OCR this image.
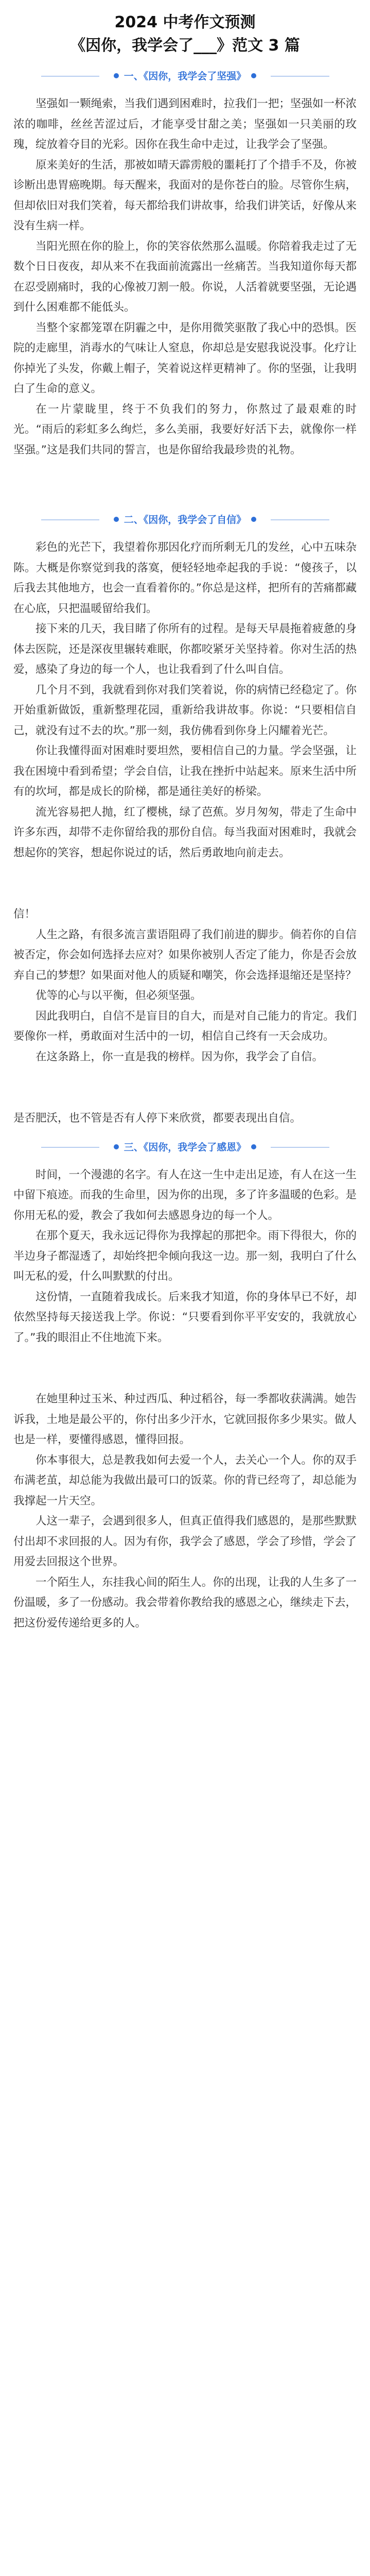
2024 中考作文预测
《因你，我学会了___》范文 3 篇
一、《因你，我学会了坚强》

坚强如一颗绳索，当我们遇到困难时，拉我们一把；坚强如一杯浓浓的咖啡，丝丝苦涩过后，才能享受甘甜之美；坚强如一只美丽的玫瑰，绽放着夺目的光彩。因你在我生命中走过，让我学会了坚强。

原来美好的生活，那被如晴天霹雳般的噩耗打了个措手不及，你被诊断出患胃癌晚期。每天醒来，我面对的是你苍白的脸。尽管你生病，但却依旧对我们笑着，每天都给我们讲故事，给我们讲笑话，好像从来没有生病一样。

当阳光照在你的脸上，你的笑容依然那么温暖。你陪着我走过了无数个日日夜夜，却从来不在我面前流露出一丝痛苦。当我知道你每天都在忍受剧痛时，我的心像被刀割一般。你说，人活着就要坚强，无论遇到什么困难都不能低头。

当整个家都笼罩在阴霾之中，是你用微笑驱散了我心中的恐惧。医院的走廊里，消毒水的气味让人窒息，你却总是安慰我说没事。化疗让你掉光了头发，你戴上帽子，笑着说这样更精神了。你的坚强，让我明白了生命的意义。

在一片蒙眬里，终于不负我们的努力，你熬过了最艰难的时光。“雨后的彩虹多么绚烂，多么美丽，我要好好活下去，就像你一样坚强。”这是我们共同的誓言，也是你留给我最珍贵的礼物。

二、《因你，我学会了自信》

彩色的光芒下，我望着你那因化疗而所剩无几的发丝，心中五味杂陈。大概是你察觉到我的落寞，便轻轻地牵起我的手说：“傻孩子，以后我去其他地方，也会一直看着你的。”你总是这样，把所有的苦痛都藏在心底，只把温暖留给我们。

接下来的几天，我目睹了你所有的过程。是每天早晨拖着疲惫的身体去医院，还是深夜里辗转难眠，你都咬紧牙关坚持着。你对生活的热爱，感染了身边的每一个人，也让我看到了什么叫自信。

几个月不到，我就看到你对我们笑着说，你的病情已经稳定了。你开始重新做饭，重新整理花园，重新给我讲故事。你说：“只要相信自己，就没有过不去的坎。”那一刻，我仿佛看到你身上闪耀着光芒。

你让我懂得面对困难时要坦然，要相信自己的力量。学会坚强，让我在困境中看到希望；学会自信，让我在挫折中站起来。原来生活中所有的坎坷，都是成长的阶梯，都是通往美好的桥梁。

流光容易把人抛，红了樱桃，绿了芭蕉。岁月匆匆，带走了生命中许多东西，却带不走你留给我的那份自信。每当我面对困难时，我就会想起你的笑容，想起你说过的话，然后勇敢地向前走去。

信！

人生之路，有很多流言蜚语阻碍了我们前进的脚步。倘若你的自信被否定，你会如何选择去应对？如果你被别人否定了能力，你是否会放弃自己的梦想？如果面对他人的质疑和嘲笑，你会选择退缩还是坚持？

优等的心与以平衡，但必须坚强。

因此我明白，自信不是盲目的自大，而是对自己能力的肯定。我们要像你一样，勇敢面对生活中的一切，相信自己终有一天会成功。

在这条路上，你一直是我的榜样。因为你，我学会了自信。

是否肥沃，也不管是否有人停下来欣赏，都要表现出自信。

三、《因你，我学会了感恩》

时间，一个漫漶的名字。有人在这一生中走出足迹，有人在这一生中留下痕迹。而我的生命里，因为你的出现，多了许多温暖的色彩。是你用无私的爱，教会了我如何去感恩身边的每一个人。

在那个夏天，我永远记得你为我撑起的那把伞。雨下得很大，你的半边身子都湿透了，却始终把伞倾向我这一边。那一刻，我明白了什么叫无私的爱，什么叫默默的付出。

这份情，一直随着我成长。后来我才知道，你的身体早已不好，却依然坚持每天接送我上学。你说：“只要看到你平平安安的，我就放心了。”我的眼泪止不住地流下来。

在她里种过玉米、种过西瓜、种过稻谷，每一季都收获满满。她告诉我，土地是最公平的，你付出多少汗水，它就回报你多少果实。做人也是一样，要懂得感恩，懂得回报。

你本事很大，总是教我如何去爱一个人，去关心一个人。你的双手布满老茧，却总能为我做出最可口的饭菜。你的背已经弯了，却总能为我撑起一片天空。

人这一辈子，会遇到很多人，但真正值得我们感恩的，是那些默默付出却不求回报的人。因为有你，我学会了感恩，学会了珍惜，学会了用爱去回报这个世界。

一个陌生人，东挂我心间的陌生人。你的出现，让我的人生多了一份温暖，多了一份感动。我会带着你教给我的感恩之心，继续走下去，把这份爱传递给更多的人。
